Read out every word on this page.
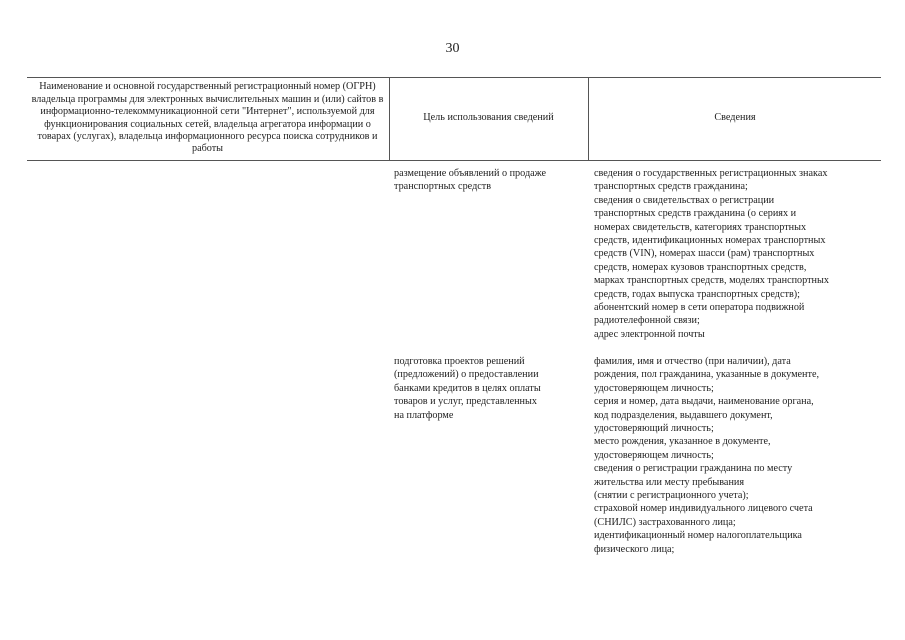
30
Наименование и основной государственный регистрационный номер (ОГРН) владельца программы для электронных вычислительных машин и (или) сайтов в информационно-телекоммуникационной сети "Интернет", используемой для функционирования социальных сетей, владельца агрегатора информации о товарах (услугах), владельца информационного ресурса поиска сотрудников и работы
Цель использования сведений	Сведения
размещение объявлений о продаже
транспортных средств
сведения о государственных регистрационных знаках
транспортных средств гражданина;
сведения о свидетельствах о регистрации
транспортных средств гражданина (о сериях и
номерах свидетельств, категориях транспортных
средств, идентификационных номерах транспортных
средств (VIN), номерах шасси (рам) транспортных
средств, номерах кузовов транспортных средств,
марках транспортных средств, моделях транспортных
средств, годах выпуска транспортных средств);
абонентский номер в сети оператора подвижной
радиотелефонной связи;
адрес электронной почты
подготовка проектов решений
(предложений) о предоставлении
банками кредитов в целях оплаты
товаров и услуг, представленных
на платформе
фамилия, имя и отчество (при наличии), дата
рождения, пол гражданина, указанные в документе,
удостоверяющем личность;
серия и номер, дата выдачи, наименование органа,
код подразделения, выдавшего документ,
удостоверяющий личность;
место рождения, указанное в документе,
удостоверяющем личность;
сведения о регистрации гражданина по месту
жительства или месту пребывания
(снятии с регистрационного учета);
страховой номер индивидуального лицевого счета
(СНИЛС) застрахованного лица;
идентификационный номер налогоплательщика
физического лица;
